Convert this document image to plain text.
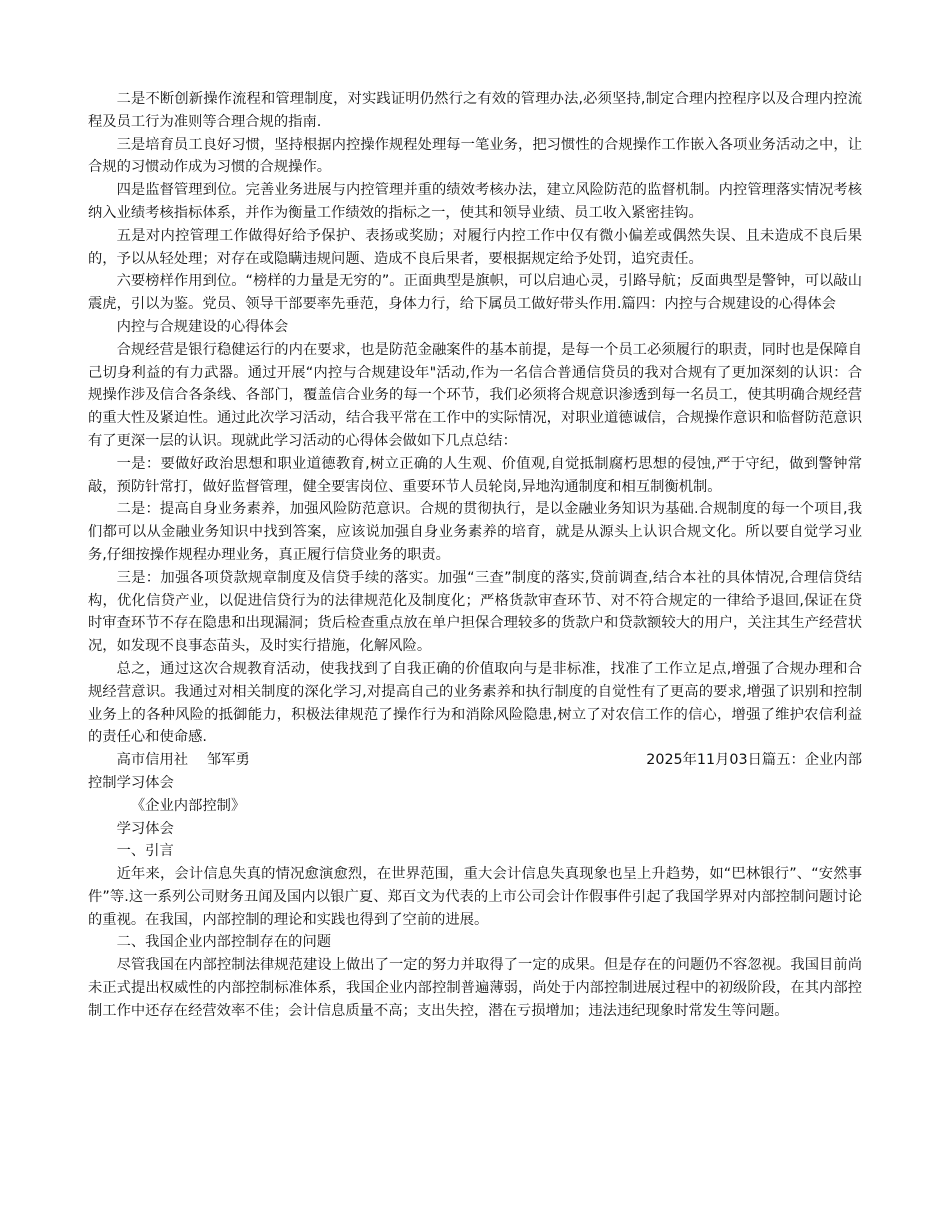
二是不断创新操作流程和管理制度，对实践证明仍然行之有效的管理办法,必须坚持,制定合理内控程序以及合理内控流程及员工行为准则等合理合规的指南.

三是培育员工良好习惯，坚持根据内控操作规程处理每一笔业务，把习惯性的合规操作工作嵌入各项业务活动之中，让合规的习惯动作成为习惯的合规操作。

四是监督管理到位。完善业务进展与内控管理并重的绩效考核办法，建立风险防范的监督机制。内控管理落实情况考核纳入业绩考核指标体系，并作为衡量工作绩效的指标之一，使其和领导业绩、员工收入紧密挂钩。

五是对内控管理工作做得好给予保护、表扬或奖励；对履行内控工作中仅有微小偏差或偶然失误、且未造成不良后果的，予以从轻处理；对存在或隐瞒违规问题、造成不良后果者，要根据规定给予处罚，追究责任。

六要榜样作用到位。“榜样的力量是无穷的”。正面典型是旗帜，可以启迪心灵，引路导航；反面典型是警钟，可以敲山震虎，引以为鉴。党员、领导干部要率先垂范，身体力行，给下属员工做好带头作用.篇四：内控与合规建设的心得体会

内控与合规建设的心得体会

合规经营是银行稳健运行的内在要求，也是防范金融案件的基本前提，是每一个员工必须履行的职责，同时也是保障自己切身利益的有力武器。通过开展“内控与合规建设年"活动,作为一名信合普通信贷员的我对合规有了更加深刻的认识：合规操作涉及信合各条线、各部门，覆盖信合业务的每一个环节，我们必须将合规意识渗透到每一名员工，使其明确合规经营的重大性及紧迫性。通过此次学习活动，结合我平常在工作中的实际情况，对职业道德诚信，合规操作意识和临督防范意识有了更深一层的认识。现就此学习活动的心得体会做如下几点总结：

一是：要做好政治思想和职业道德教育,树立正确的人生观、价值观,自觉抵制腐朽思想的侵蚀,严于守纪，做到警钟常敲，预防针常打，做好监督管理，健全要害岗位、重要环节人员轮岗,异地沟通制度和相互制衡机制。

二是：提高自身业务素养，加强风险防范意识。合规的贯彻执行，是以金融业务知识为基础.合规制度的每一个项目,我们都可以从金融业务知识中找到答案，应该说加强自身业务素养的培育，就是从源头上认识合规文化。所以要自觉学习业务,仔细按操作规程办理业务，真正履行信贷业务的职责。

三是：加强各项贷款规章制度及信贷手续的落实。加强“三查”制度的落实,贷前调查,结合本社的具体情况,合理信贷结构，优化信贷产业，以促进信贷行为的法律规范化及制度化；严格货款审查环节、对不符合规定的一律给予退回,保证在贷时审查环节不存在隐患和出现漏洞；货后检查重点放在单户担保合理较多的货款户和贷款额较大的用户，关注其生产经营状况，如发现不良事态苗头，及时实行措施，化解风险。

总之，通过这次合规教育活动，使我找到了自我正确的价值取向与是非标准，找准了工作立足点,增强了合规办理和合规经营意识。我通过对相关制度的深化学习,对提高自己的业务素养和执行制度的自觉性有了更高的要求,增强了识别和控制业务上的各种风险的抵御能力，积极法律规范了操作行为和消除风险隐患,树立了对农信工作的信心，增强了维护农信利益的责任心和使命感.

高市信用社　 邹军勇	2025年11月03日篇五：企业内部

控制学习体会

《企业内部控制》

学习体会

一、引言

近年来，会计信息失真的情况愈演愈烈，在世界范围，重大会计信息失真现象也呈上升趋势，如“巴林银行”、“安然事件”等.这一系列公司财务丑闻及国内以银广夏、郑百文为代表的上市公司会计作假事件引起了我国学界对内部控制问题讨论的重视。在我国，内部控制的理论和实践也得到了空前的进展。

二、我国企业内部控制存在的问题

尽管我国在内部控制法律规范建设上做出了一定的努力并取得了一定的成果。但是存在的问题仍不容忽视。我国目前尚未正式提出权威性的内部控制标准体系，我国企业内部控制普遍薄弱，尚处于内部控制进展过程中的初级阶段，在其内部控制工作中还存在经营效率不佳；会计信息质量不高；支出失控，潜在亏损增加；违法违纪现象时常发生等问题。
